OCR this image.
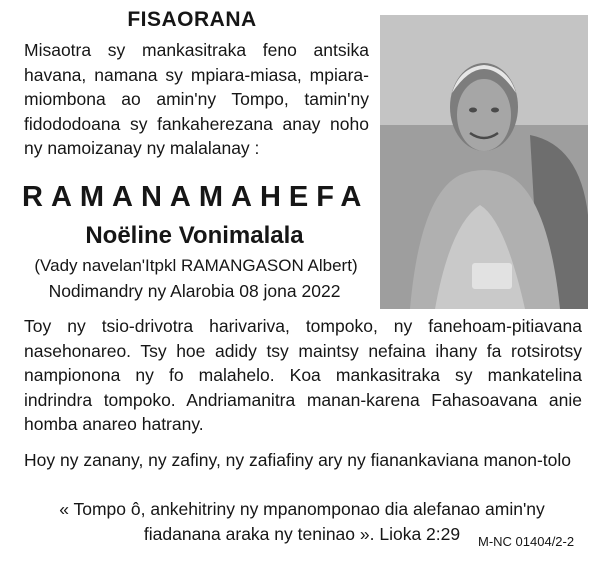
FISAORANA

Misaotra sy mankasitraka feno antsika havana, namana sy mpiara-miasa, mpiara-miombona ao amin'ny Tompo, tamin'ny fidododoana sy fankaherezana anay noho ny namoizanay ny malalanay :

RAMANAMAHEFA
Noëline Vonimalala
(Vady navelan'Itpkl RAMANGASON Albert)
Nodimandry ny Alarobia 08 jona 2022

Toy ny tsio-drivotra harivariva, tompoko, ny fanehoam-pitiavana nasehonareo. Tsy hoe adidy tsy maintsy nefaina ihany fa rotsirotsy nampionona ny fo malahelo. Koa mankasitraka sy mankatelina indrindra tompoko. Andriamanitra manan-karena Fahasoavana anie homba anareo hatrany.

Hoy ny zanany, ny zafiny, ny zafiafiny ary ny fianankaviana manon-tolo

« Tompo ô, ankehitriny ny mpanomponao dia alefanao amin'ny fiadanana araka ny teninao ». Lioka 2:29	M-NC 01404/2-2
